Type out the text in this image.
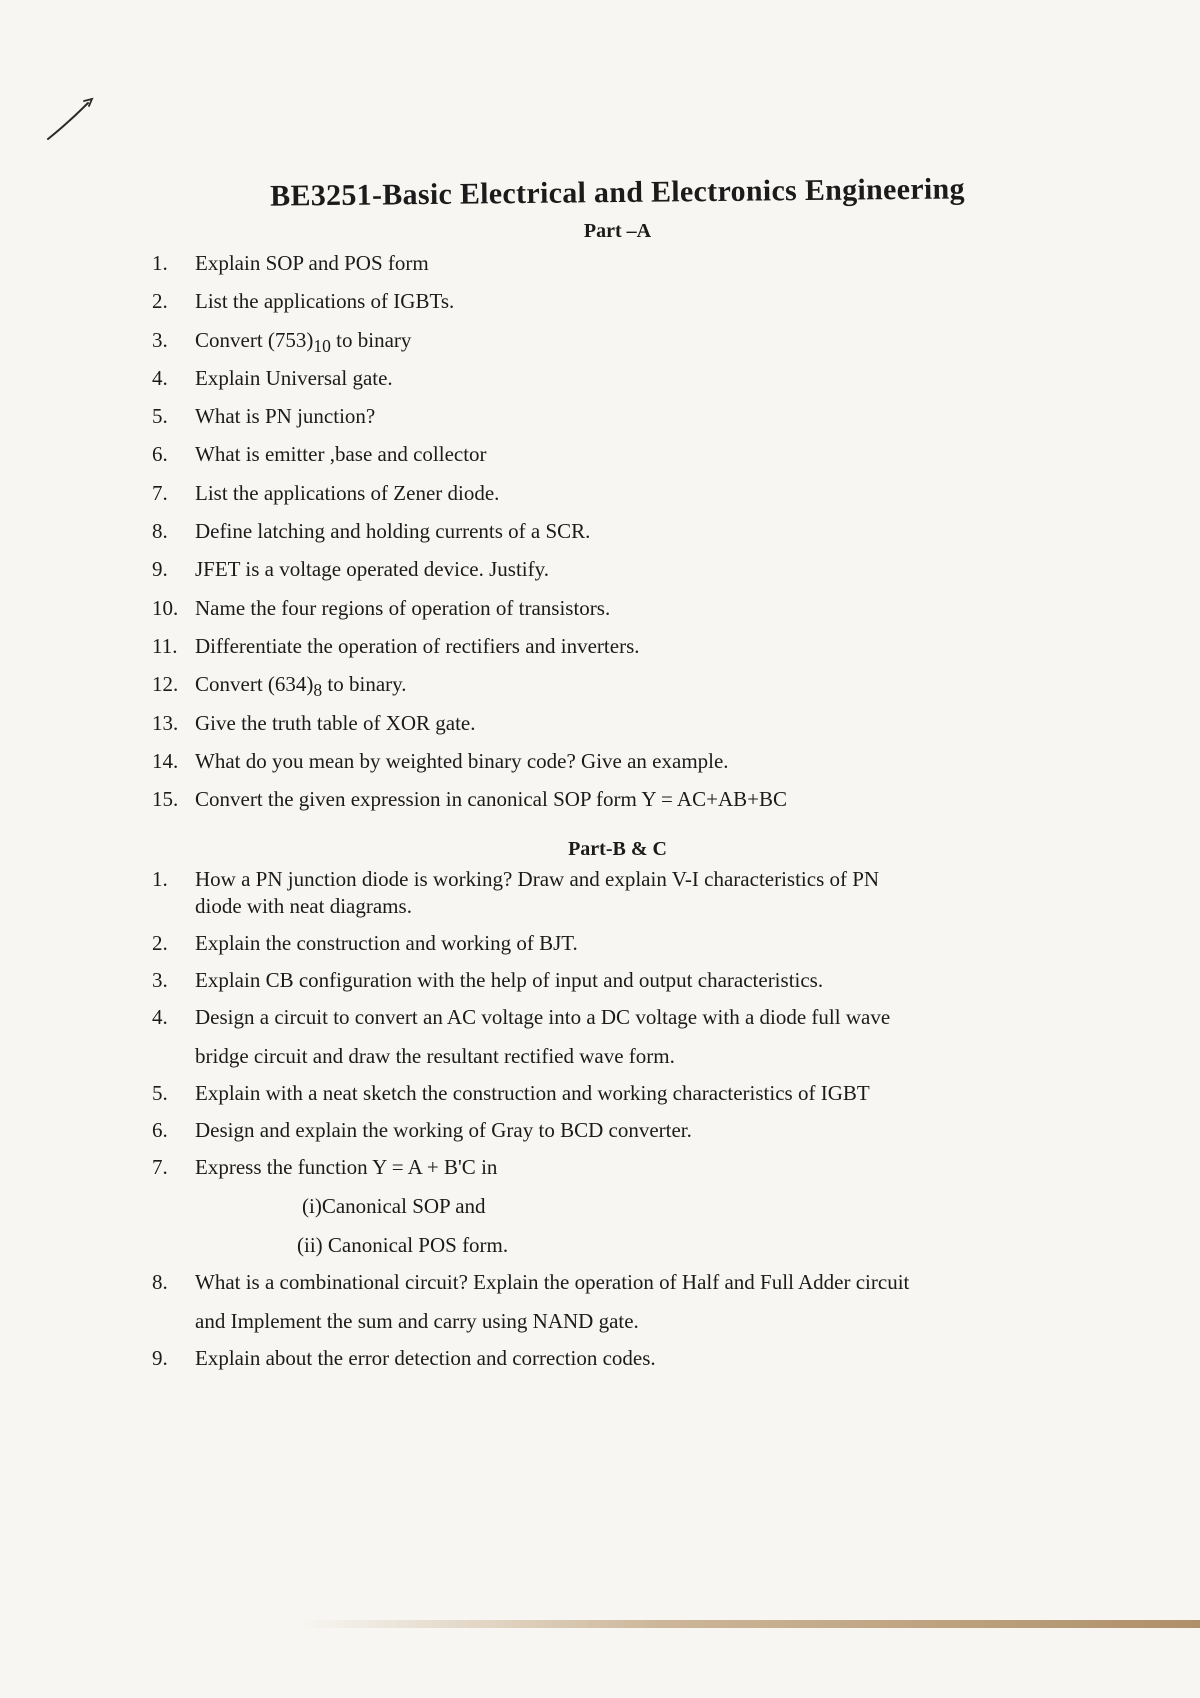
BE3251-Basic Electrical and Electronics Engineering
Part –A
1.	Explain SOP and POS form
2.	List the applications of IGBTs.
3.	Convert $(753)_{10}$ to binary
4.	Explain Universal gate.
5.	What is PN junction?
6.	What is emitter ,base and collector
7.	List the applications of Zener diode.
8.	Define latching and holding currents of a SCR.
9.	JFET is a voltage operated device. Justify.
10. Name the four regions of operation of transistors.
11. Differentiate the operation of rectifiers and inverters.
12. Convert $(634)_8$ to binary.
13. Give the truth table of XOR gate.
14. What do you mean by weighted binary code? Give an example.
15. Convert the given expression in canonical SOP form Y = AC+AB+BC
Part-B & C
1.	How a PN junction diode is working? Draw and explain V-I characteristics of PN
diode with neat diagrams.
2.	Explain the construction and working of BJT.
3.	Explain CB configuration with the help of input and output characteristics.
4.	Design a circuit to convert an AC voltage into a DC voltage with a diode full wave
bridge circuit and draw the resultant rectified wave form.
5.	Explain with a neat sketch the construction and working characteristics of IGBT
6.	Design and explain the working of Gray to BCD converter.
7.	Express the function Y = A + B'C in
(i)Canonical SOP and
(ii) Canonical POS form.
8.	What is a combinational circuit? Explain the operation of Half and Full Adder circuit
and Implement the sum and carry using NAND gate.
9.	Explain about the error detection and correction codes.
